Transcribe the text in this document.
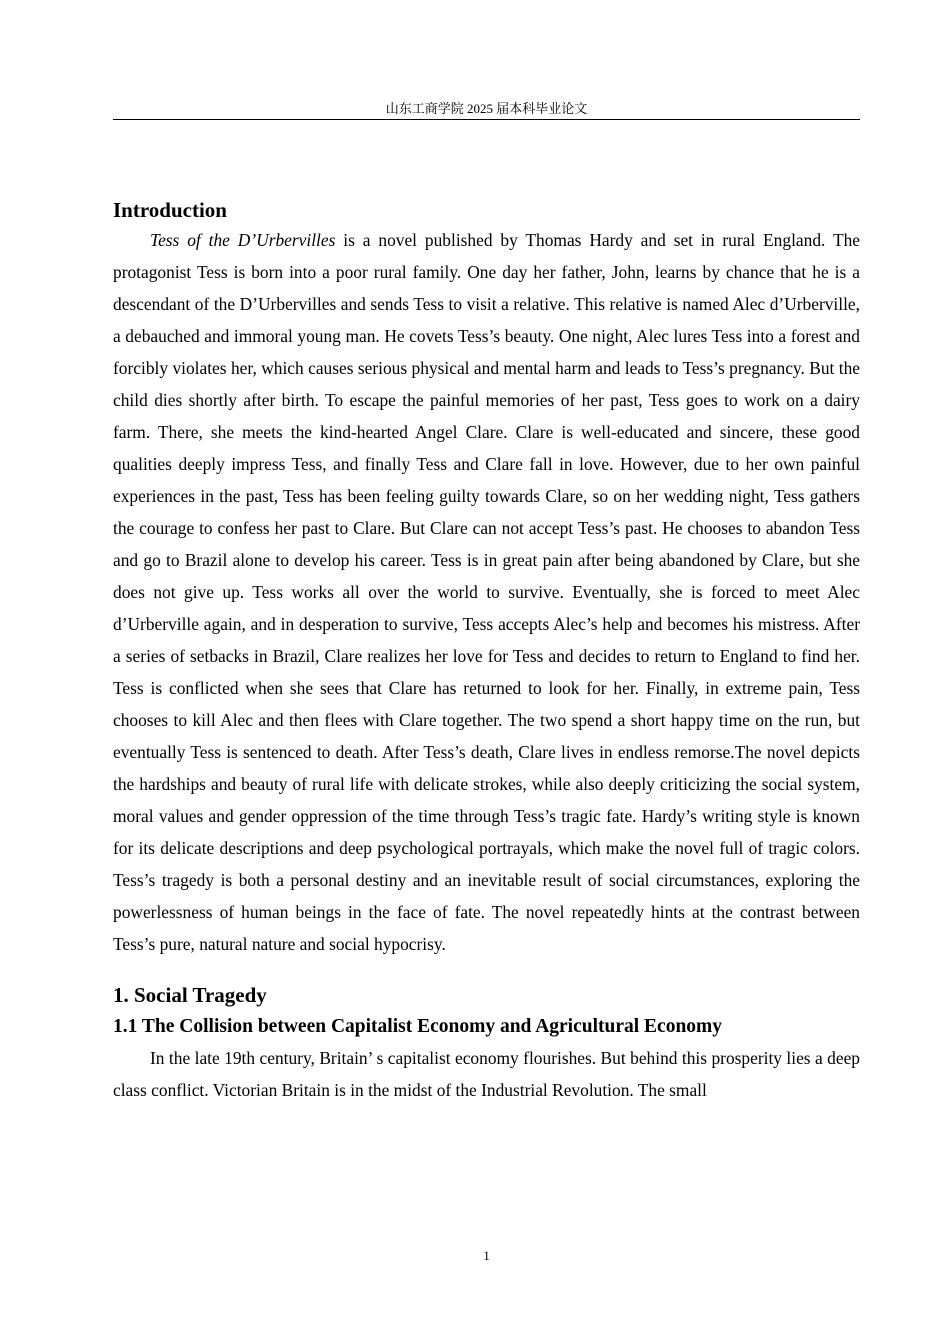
山东工商学院 2025 届本科毕业论文
Introduction

Tess of the D’Urbervilles is a novel published by Thomas Hardy and set in rural England. The protagonist Tess is born into a poor rural family. One day her father, John, learns by chance that he is a descendant of the D’Urbervilles and sends Tess to visit a relative. This relative is named Alec d’Urberville, a debauched and immoral young man. He covets Tess’s beauty. One night, Alec lures Tess into a forest and forcibly violates her, which causes serious physical and mental harm and leads to Tess’s pregnancy. But the child dies shortly after birth. To escape the painful memories of her past, Tess goes to work on a dairy farm. There, she meets the kind-hearted Angel Clare. Clare is well-educated and sincere, these good qualities deeply impress Tess, and finally Tess and Clare fall in love. However, due to her own painful experiences in the past, Tess has been feeling guilty towards Clare, so on her wedding night, Tess gathers the courage to confess her past to Clare. But Clare can not accept Tess’s past. He chooses to abandon Tess and go to Brazil alone to develop his career. Tess is in great pain after being abandoned by Clare, but she does not give up. Tess works all over the world to survive. Eventually, she is forced to meet Alec d’Urberville again, and in desperation to survive, Tess accepts Alec’s help and becomes his mistress. After a series of setbacks in Brazil, Clare realizes her love for Tess and decides to return to England to find her. Tess is conflicted when she sees that Clare has returned to look for her. Finally, in extreme pain, Tess chooses to kill Alec and then flees with Clare together. The two spend a short happy time on the run, but eventually Tess is sentenced to death. After Tess’s death, Clare lives in endless remorse.The novel depicts the hardships and beauty of rural life with delicate strokes, while also deeply criticizing the social system, moral values and gender oppression of the time through Tess’s tragic fate. Hardy’s writing style is known for its delicate descriptions and deep psychological portrayals, which make the novel full of tragic colors. Tess’s tragedy is both a personal destiny and an inevitable result of social circumstances, exploring the powerlessness of human beings in the face of fate. The novel repeatedly hints at the contrast between Tess’s pure, natural nature and social hypocrisy.

1. Social Tragedy
1.1 The Collision between Capitalist Economy and Agricultural Economy

In the late 19th century, Britain’ s capitalist economy flourishes. But behind this prosperity lies a deep class conflict. Victorian Britain is in the midst of the Industrial Revolution. The small

1
